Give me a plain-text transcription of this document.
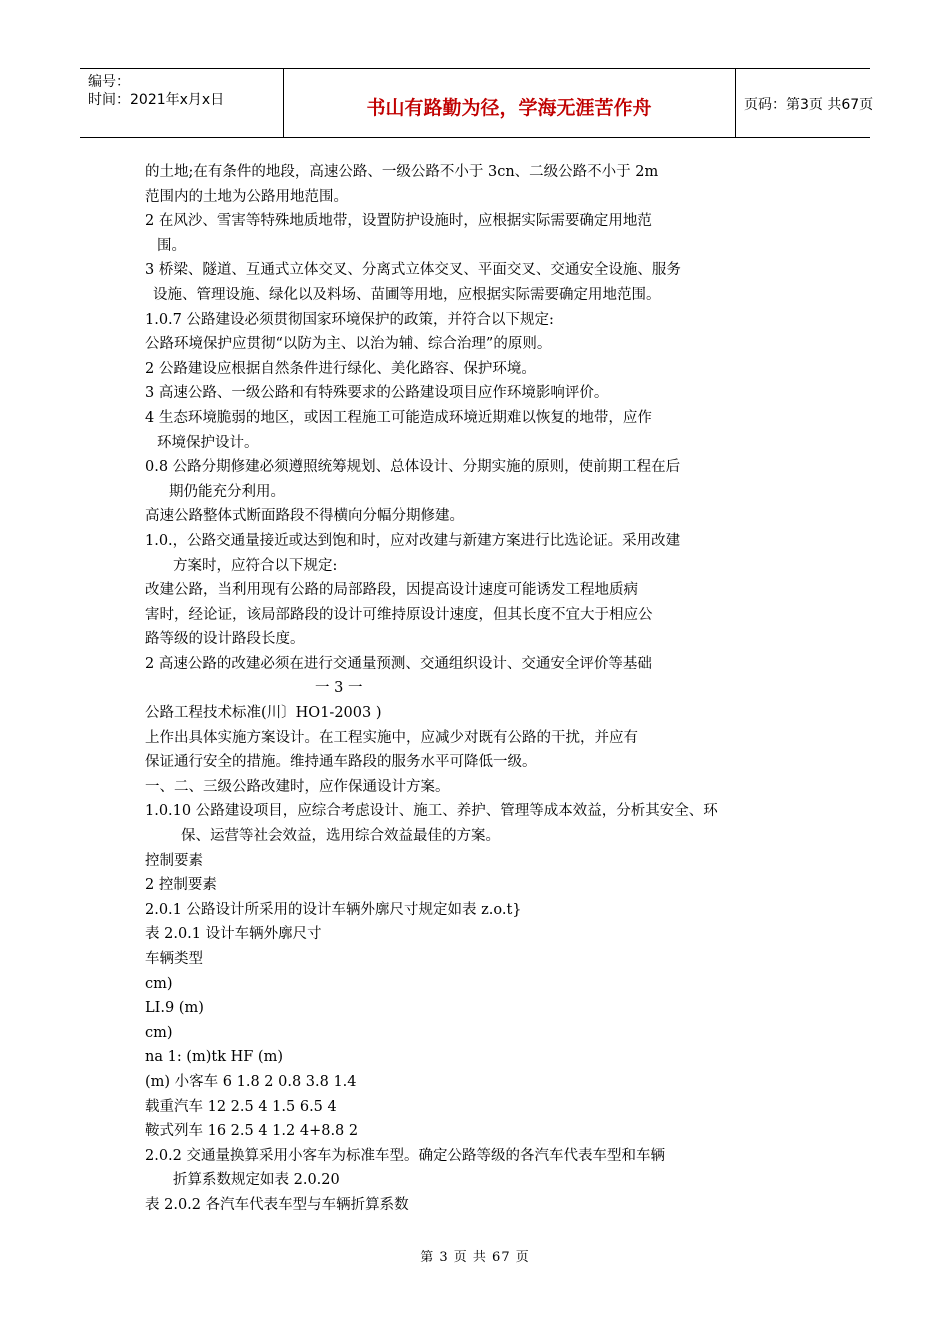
编号：
时间：2021年x月x日	书山有路勤为径，学海无涯苦作舟	页码：第3页 共67页
的土地;在有条件的地段，高速公路、一级公路不小于 3cn、二级公路不小于 2m
范围内的土地为公路用地范围。
2 在风沙、雪害等特殊地质地带，设置防护设施时，应根据实际需要确定用地范
围。
3 桥梁、隧道、互通式立体交叉、分离式立体交叉、平面交叉、交通安全设施、服务
设施、管理设施、绿化以及料场、苗圃等用地，应根据实际需要确定用地范围。
1.0.7 公路建设必须贯彻国家环境保护的政策，并符合以下规定:
公路环境保护应贯彻“以防为主、以治为辅、综合治理”的原则。
2 公路建设应根据自然条件进行绿化、美化路容、保护环境。
3 高速公路、一级公路和有特殊要求的公路建设项目应作环境影响评价。
4 生态环境脆弱的地区，或因工程施工可能造成环境近期难以恢复的地带，应作
环境保护设计。
0.8 公路分期修建必须遵照统筹规划、总体设计、分期实施的原则，使前期工程在后
期仍能充分利用。
高速公路整体式断面路段不得横向分幅分期修建。
1.0.，公路交通量接近或达到饱和时，应对改建与新建方案进行比选论证。采用改建
方案时，应符合以下规定:
改建公路，当利用现有公路的局部路段，因提高设计速度可能诱发工程地质病
害时，经论证，该局部路段的设计可维持原设计速度，但其长度不宜大于相应公
路等级的设计路段长度。
2 高速公路的改建必须在进行交通量预测、交通组织设计、交通安全评价等基础
一 3 一
公路工程技术标准(川〕HO1-2003 )
上作出具体实施方案设计。在工程实施中，应减少对既有公路的干扰，并应有
保证通行安全的措施。维持通车路段的服务水平可降低一级。
一、二、三级公路改建时，应作保通设计方案。
1.0.10 公路建设项目，应综合考虑设计、施工、养护、管理等成本效益，分析其安全、环
保、运营等社会效益，选用综合效益最佳的方案。
控制要素
2 控制要素
2.0.1 公路设计所采用的设计车辆外廓尺寸规定如表 z.o.t}
表 2.0.1 设计车辆外廓尺寸
车辆类型
cm)
LI.9 (m)
cm)
na 1: (m)tk HF (m)
(m) 小客车 6 1.8 2 0.8 3.8 1.4
载重汽车 12 2.5 4 1.5 6.5 4
鞍式列车 16 2.5 4 1.2 4+8.8 2
2.0.2 交通量换算采用小客车为标准车型。确定公路等级的各汽车代表车型和车辆
折算系数规定如表 2.0.20
表 2.0.2 各汽车代表车型与车辆折算系数
第 3 页 共 67 页
